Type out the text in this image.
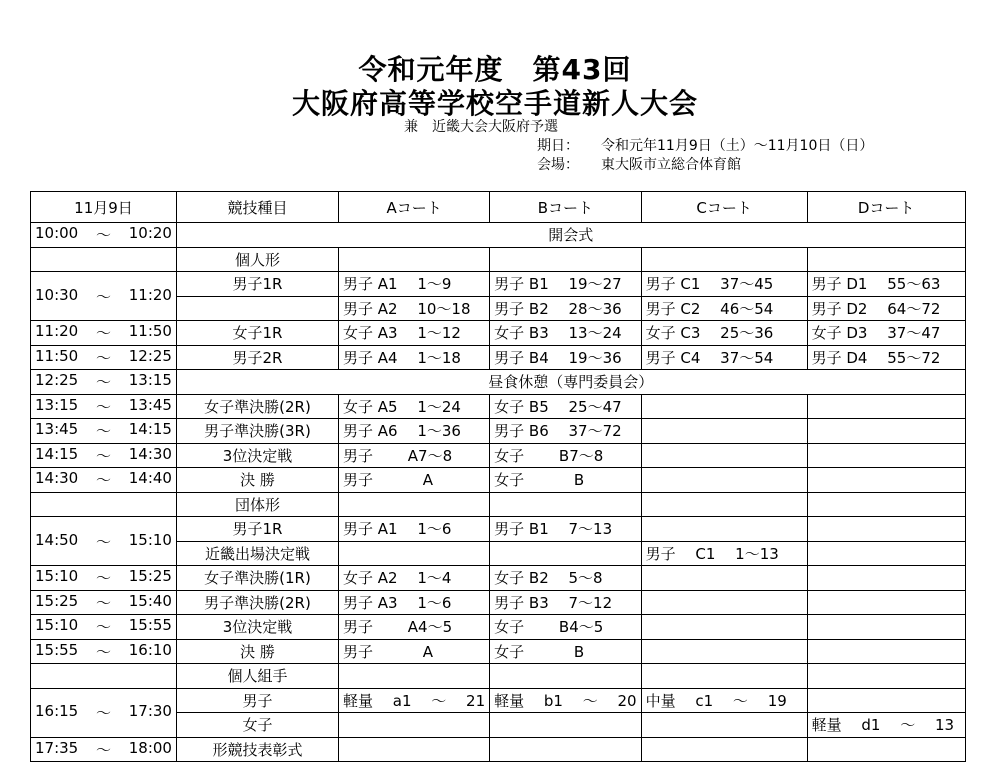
令和元年度　第43回
大阪府高等学校空手道新人大会
兼　近畿大会大阪府予選
期日： 令和元年11月9日（土）～11月10日（日）
会場： 東大阪市立総合体育館
11月9日	競技種目	Aコート	Bコート	Cコート	Dコート

10:00 ～ 10:20	開会式				
	個人形				

10:30 ～ 11:20	男子1R	男子 A1 　1～9	男子 B1 　19～27	男子 C1 　37～45	男子 D1 　55～63
		男子 A2 　10～18	男子 B2 　28～36	男子 C2 　46～54	男子 D2 　64～72

11:20 ～ 11:50	女子1R	女子 A3 　1～12	女子 B3 　13～24	女子 C3 　25～36	女子 D3 　37～47

11:50 ～ 12:25	男子2R	男子 A4 　1～18	男子 B4 　19～36	男子 C4 　37～54	男子 D4 　55～72

12:25 ～ 13:15	昼食休憩（専門委員会）				

13:15 ～ 13:45	女子準決勝(2R)	女子 A5 　1～24	女子 B5 　25～47		

13:45 ～ 14:15	男子準決勝(3R)	男子 A6 　1～36	男子 B6 　37～72		

14:15 ～ 14:30	3位決定戦	男子 　　A7～8	女子 　　B7～8		

14:30 ～ 14:40	決 勝	男子 　　　A	女子 　　　B		
	団体形				

14:50 ～ 15:10	男子1R	男子 A1 　1～6	男子 B1 　7～13		
	近畿出場決定戦			男子 　C1 　1～13	

15:10 ～ 15:25	女子準決勝(1R)	女子 A2 　1～4	女子 B2 　5～8		

15:25 ～ 15:40	男子準決勝(2R)	男子 A3 　1～6	男子 B3 　7～12		

15:10 ～ 15:55	3位決定戦	男子 　　A4～5	女子 　　B4～5		

15:55 ～ 16:10	決 勝	男子 　　　A	女子 　　　B		
	個人組手				

16:15 ～ 17:30	男子	軽量 　a1 　～ 　21	軽量 　b1 　～ 　20	中量 　c1 　～ 　19	
	女子				軽量 　d1 　～ 　13

17:35 ～ 18:00	形競技表彰式				
